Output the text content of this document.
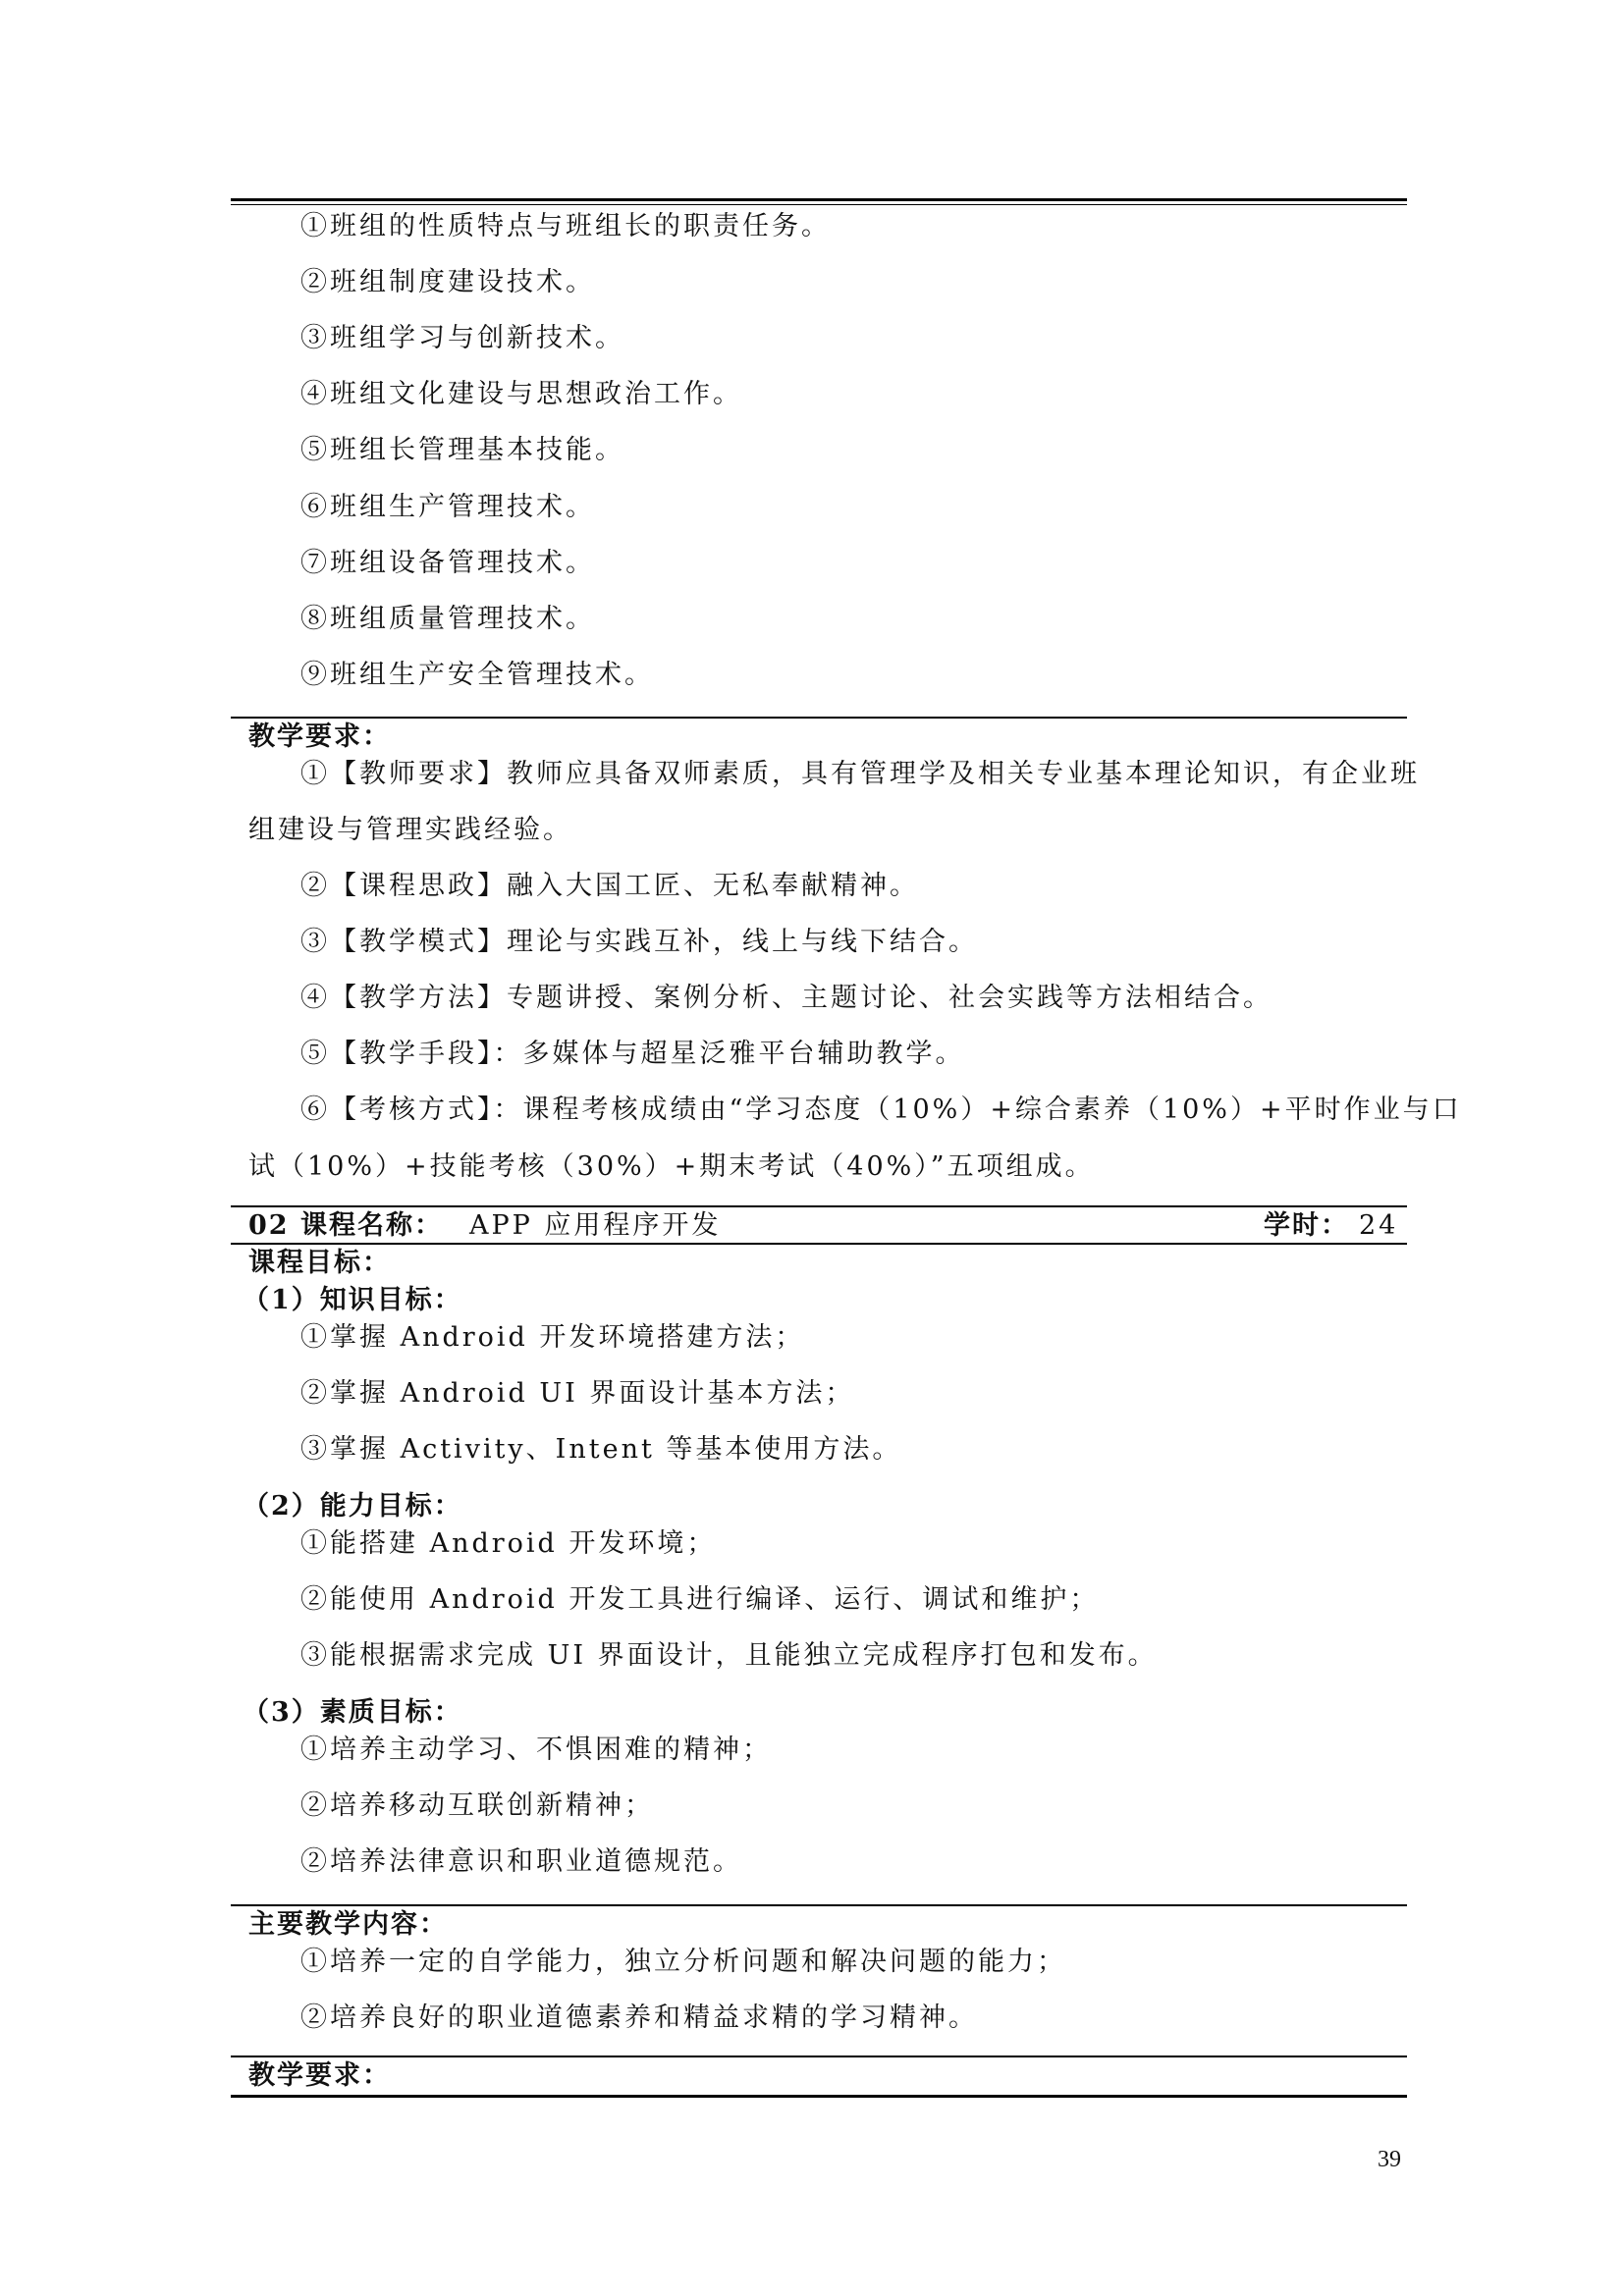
①班组的性质特点与班组长的职责任务。
②班组制度建设技术。
③班组学习与创新技术。
④班组文化建设与思想政治工作。
⑤班组长管理基本技能。
⑥班组生产管理技术。
⑦班组设备管理技术。
⑧班组质量管理技术。
⑨班组生产安全管理技术。
教学要求：
①【教师要求】教师应具备双师素质，具有管理学及相关专业基本理论知识，有企业班
组建设与管理实践经验。
②【课程思政】融入大国工匠、无私奉献精神。
③【教学模式】理论与实践互补，线上与线下结合。
④【教学方法】专题讲授、案例分析、主题讨论、社会实践等方法相结合。
⑤【教学手段】：多媒体与超星泛雅平台辅助教学。
⑥【考核方式】：课程考核成绩由“学习态度（10%）+综合素养（10%）+平时作业与口
试（10%）+技能考核（30%）+期末考试（40%）”五项组成。
02 课程名称： APP 应用程序开发	学时： 24
课程目标：
（1）知识目标：
①掌握 Android 开发环境搭建方法；
②掌握 Android UI 界面设计基本方法；
③掌握 Activity、Intent 等基本使用方法。
（2）能力目标：
①能搭建 Android 开发环境；
②能使用 Android 开发工具进行编译、运行、调试和维护；
③能根据需求完成 UI 界面设计，且能独立完成程序打包和发布。
（3）素质目标：
①培养主动学习、不惧困难的精神；
②培养移动互联创新精神；
②培养法律意识和职业道德规范。
主要教学内容：
①培养一定的自学能力，独立分析问题和解决问题的能力；
②培养良好的职业道德素养和精益求精的学习精神。
教学要求：
39
